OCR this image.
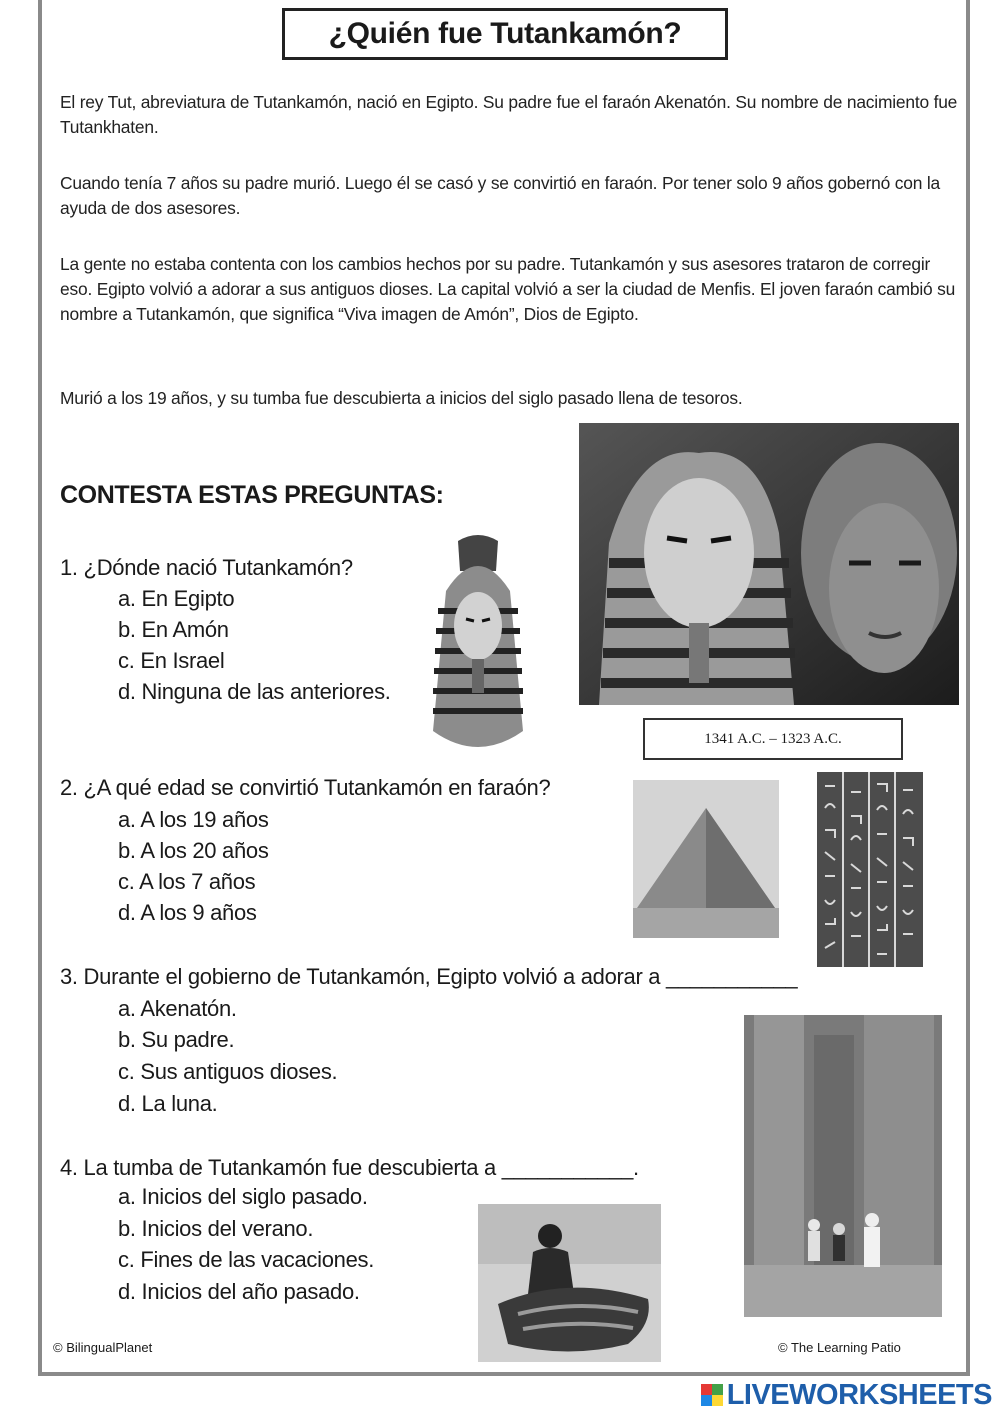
¿Quién fue Tutankamón?
El rey Tut, abreviatura de Tutankamón, nació en Egipto. Su padre fue el faraón Akenatón. Su nombre de nacimiento fue Tutankhaten.
Cuando tenía 7 años su padre murió. Luego él se casó y se convirtió en faraón. Por tener solo 9 años gobernó con la ayuda de dos asesores.
La gente no estaba contenta con los cambios hechos por su padre. Tutankamón y sus asesores trataron de corregir eso. Egipto volvió a adorar a sus antiguos dioses. La capital volvió a ser la ciudad de Menfis. El joven faraón cambió su nombre a Tutankamón, que significa “Viva imagen de Amón”, Dios de Egipto.
Murió a los 19 años, y su tumba fue descubierta a inicios del siglo pasado llena de tesoros.
CONTESTA ESTAS PREGUNTAS:
1. ¿Dónde nació Tutankamón?
a. En Egipto
b. En Amón
c. En Israel
d. Ninguna de las anteriores.
2. ¿A qué edad se convirtió Tutankamón en faraón?
a. A los 19 años
b. A los 20 años
c. A los 7 años
d. A los 9 años
3. Durante el gobierno de Tutankamón, Egipto volvió a adorar a ___________
a. Akenatón.
b. Su padre.
c. Sus antiguos dioses.
d. La luna.
4. La tumba de Tutankamón fue descubierta a ___________.
a. Inicios del siglo pasado.
b. Inicios del verano.
c. Fines de las vacaciones.
d. Inicios del año pasado.
1341 A.C. – 1323 A.C.
© BilingualPlanet	© The Learning Patio
LIVEWORKSHEETS
